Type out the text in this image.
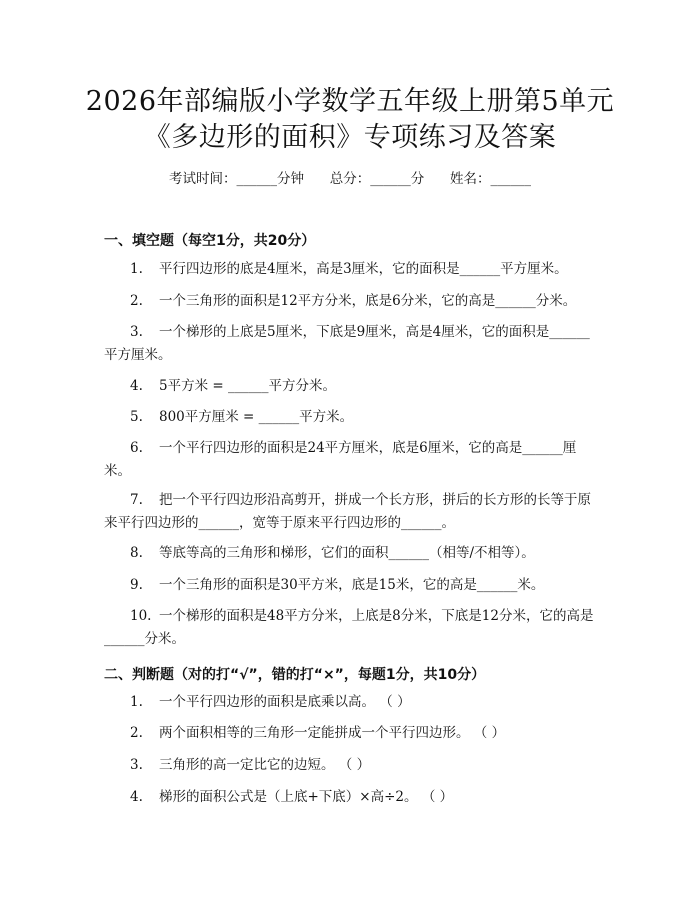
2026年部编版小学数学五年级上册第5单元
《多边形的面积》专项练习及答案
考试时间：______分钟      总分：______分      姓名：______
一、填空题（每空1分，共20分）
1. 平行四边形的底是4厘米，高是3厘米，它的面积是______平方厘米。
2. 一个三角形的面积是12平方分米，底是6分米，它的高是______分米。
3. 一个梯形的上底是5厘米，下底是9厘米，高是4厘米，它的面积是______平方厘米。
4. 5平方米 = ______平方分米。
5. 800平方厘米 = ______平方米。
6. 一个平行四边形的面积是24平方厘米，底是6厘米，它的高是______厘米。
7. 把一个平行四边形沿高剪开，拼成一个长方形，拼后的长方形的长等于原来平行四边形的______，宽等于原来平行四边形的______。
8. 等底等高的三角形和梯形，它们的面积______（相等/不相等）。
9. 一个三角形的面积是30平方米，底是15米，它的高是______米。
10. 一个梯形的面积是48平方分米，上底是8分米，下底是12分米，它的高是______分米。
二、判断题（对的打“√”，错的打“×”，每题1分，共10分）
1. 一个平行四边形的面积是底乘以高。 （ ）
2. 两个面积相等的三角形一定能拼成一个平行四边形。 （ ）
3. 三角形的高一定比它的边短。 （ ）
4. 梯形的面积公式是（上底+下底）×高÷2。 （ ）
